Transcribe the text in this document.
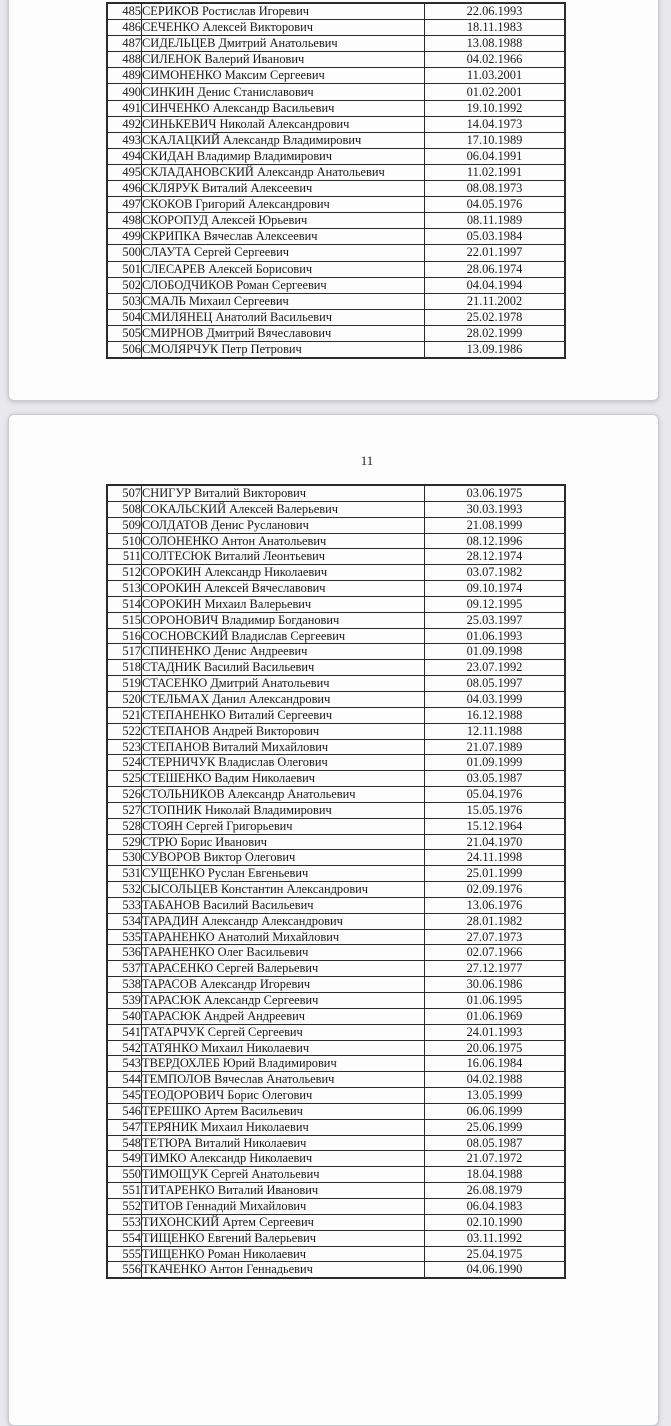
485	СЕРИКОВ Ростислав Игоревич	22.06.1993
486	СЕЧЕНКО Алексей Викторович	18.11.1983
487	СИДЕЛЬЦЕВ Дмитрий Анатольевич	13.08.1988
488	СИЛЕНОК Валерий Иванович	04.02.1966
489	СИМОНЕНКО Максим Сергеевич	11.03.2001
490	СИНКИН Денис Станиславович	01.02.2001
491	СИНЧЕНКО Александр Васильевич	19.10.1992
492	СИНЬКЕВИЧ Николай Александрович	14.04.1973
493	СКАЛАЦКИЙ Александр Владимирович	17.10.1989
494	СКИДАН Владимир Владимирович	06.04.1991
495	СКЛАДАНОВСКИЙ Александр Анатольевич	11.02.1991
496	СКЛЯРУК Виталий Алексеевич	08.08.1973
497	СКОКОВ Григорий Александрович	04.05.1976
498	СКОРОПУД Алексей Юрьевич	08.11.1989
499	СКРИПКА Вячеслав Алексеевич	05.03.1984
500	СЛАУТА Сергей Сергеевич	22.01.1997
501	СЛЕСАРЕВ Алексей Борисович	28.06.1974
502	СЛОБОДЧИКОВ Роман Сергеевич	04.04.1994
503	СМАЛЬ Михаил Сергеевич	21.11.2002
504	СМИЛЯНЕЦ Анатолий Васильевич	25.02.1978
505	СМИРНОВ Дмитрий Вячеславович	28.02.1999
506	СМОЛЯРЧУК Петр Петрович	13.09.1986
11
507	СНИГУР Виталий Викторович	03.06.1975
508	СОКАЛЬСКИЙ Алексей Валерьевич	30.03.1993
509	СОЛДАТОВ Денис Русланович	21.08.1999
510	СОЛОНЕНКО Антон Анатольевич	08.12.1996
511	СОЛТЕСЮК Виталий Леонтьевич	28.12.1974
512	СОРОКИН Александр Николаевич	03.07.1982
513	СОРОКИН Алексей Вячеславович	09.10.1974
514	СОРОКИН Михаил Валерьевич	09.12.1995
515	СОРОНОВИЧ Владимир Богданович	25.03.1997
516	СОСНОВСКИЙ Владислав Сергеевич	01.06.1993
517	СПИНЕНКО Денис Андреевич	01.09.1998
518	СТАДНИК Василий Васильевич	23.07.1992
519	СТАСЕНКО Дмитрий Анатольевич	08.05.1997
520	СТЕЛЬМАХ Данил Александрович	04.03.1999
521	СТЕПАНЕНКО Виталий Сергеевич	16.12.1988
522	СТЕПАНОВ Андрей Викторович	12.11.1988
523	СТЕПАНОВ Виталий Михайлович	21.07.1989
524	СТЕРНИЧУК Владислав Олегович	01.09.1999
525	СТЕШЕНКО Вадим Николаевич	03.05.1987
526	СТОЛЬНИКОВ Александр Анатольевич	05.04.1976
527	СТОПНИК Николай Владимирович	15.05.1976
528	СТОЯН Сергей Григорьевич	15.12.1964
529	СТРЮ Борис Иванович	21.04.1970
530	СУВОРОВ Виктор Олегович	24.11.1998
531	СУЩЕНКО Руслан Евгеньевич	25.01.1999
532	СЫСОЛЬЦЕВ Константин Александрович	02.09.1976
533	ТАБАНОВ Василий Васильевич	13.06.1976
534	ТАРАДИН Александр Александрович	28.01.1982
535	ТАРАНЕНКО Анатолий Михайлович	27.07.1973
536	ТАРАНЕНКО Олег Васильевич	02.07.1966
537	ТАРАСЕНКО Сергей Валерьевич	27.12.1977
538	ТАРАСОВ Александр Игоревич	30.06.1986
539	ТАРАСЮК Александр Сергеевич	01.06.1995
540	ТАРАСЮК Андрей Андреевич	01.06.1969
541	ТАТАРЧУК Сергей Сергеевич	24.01.1993
542	ТАТЯНКО Михаил Николаевич	20.06.1975
543	ТВЕРДОХЛЕБ Юрий Владимирович	16.06.1984
544	ТЕМПОЛОВ Вячеслав Анатольевич	04.02.1988
545	ТЕОДОРОВИЧ Борис Олегович	13.05.1999
546	ТЕРЕШКО Артем Васильевич	06.06.1999
547	ТЕРЯНИК Михаил Николаевич	25.06.1999
548	ТЕТЮРА Виталий Николаевич	08.05.1987
549	ТИМКО Александр Николаевич	21.07.1972
550	ТИМОЩУК Сергей Анатольевич	18.04.1988
551	ТИТАРЕНКО Виталий Иванович	26.08.1979
552	ТИТОВ Геннадий Михайлович	06.04.1983
553	ТИХОНСКИЙ Артем Сергеевич	02.10.1990
554	ТИЩЕНКО Евгений Валерьевич	03.11.1992
555	ТИЩЕНКО Роман Николаевич	25.04.1975
556	ТКАЧЕНКО Антон Геннадьевич	04.06.1990
